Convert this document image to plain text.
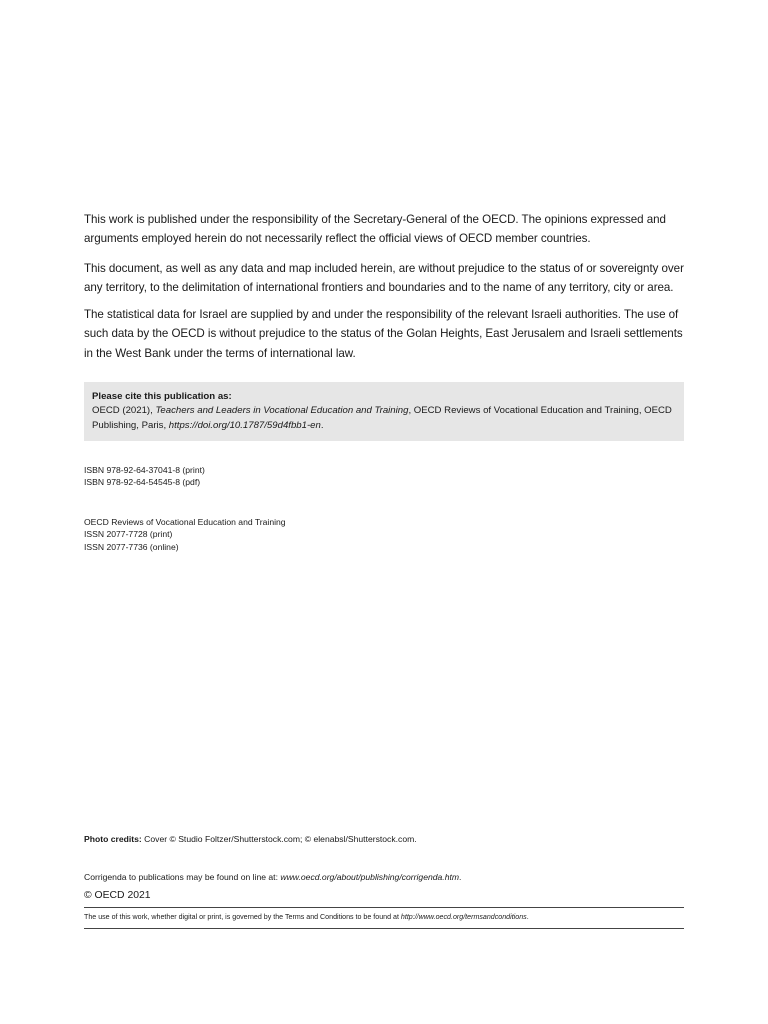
This work is published under the responsibility of the Secretary-General of the OECD. The opinions expressed and arguments employed herein do not necessarily reflect the official views of OECD member countries.

This document, as well as any data and map included herein, are without prejudice to the status of or sovereignty over any territory, to the delimitation of international frontiers and boundaries and to the name of any territory, city or area.

The statistical data for Israel are supplied by and under the responsibility of the relevant Israeli authorities. The use of such data by the OECD is without prejudice to the status of the Golan Heights, East Jerusalem and Israeli settlements in the West Bank under the terms of international law.

Please cite this publication as:
OECD (2021), Teachers and Leaders in Vocational Education and Training, OECD Reviews of Vocational Education and Training, OECD Publishing, Paris, https://doi.org/10.1787/59d4fbb1-en.
ISBN 978-92-64-37041-8 (print)
ISBN 978-92-64-54545-8 (pdf)
OECD Reviews of Vocational Education and Training
ISSN 2077-7728 (print)
ISSN 2077-7736 (online)

Photo credits: Cover © Studio Foltzer/Shutterstock.com; © elenabsl/Shutterstock.com.

Corrigenda to publications may be found on line at: www.oecd.org/about/publishing/corrigenda.htm.

© OECD 2021

The use of this work, whether digital or print, is governed by the Terms and Conditions to be found at http://www.oecd.org/termsandconditions.
